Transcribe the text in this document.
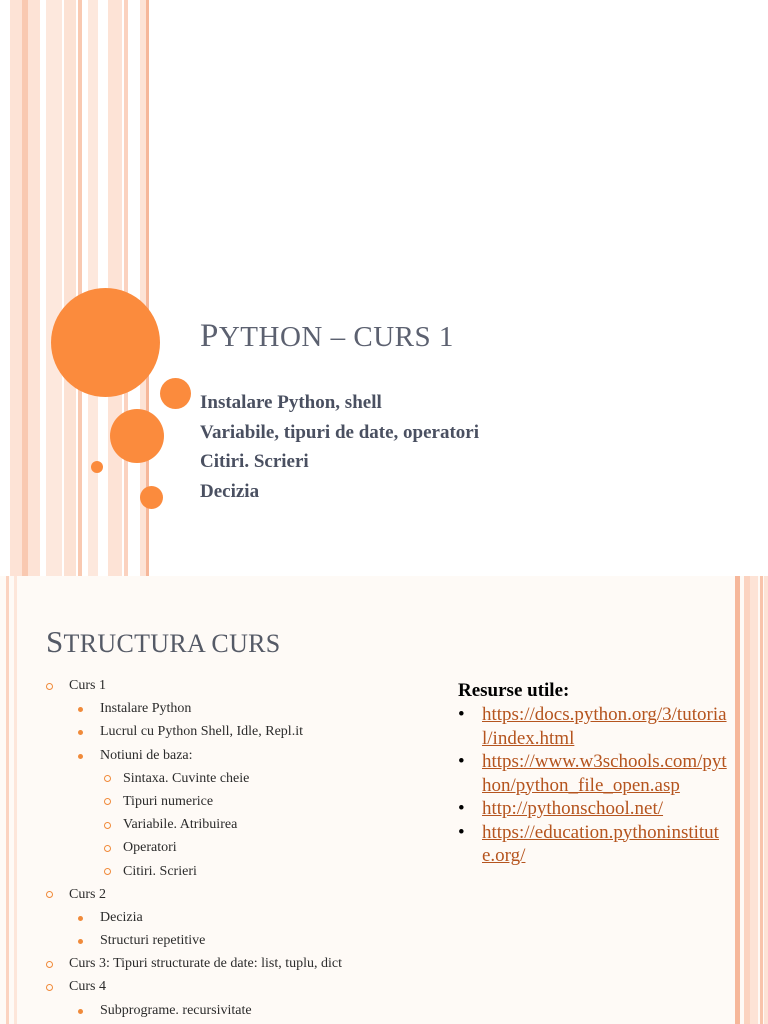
PYTHON – CURS 1
Instalare Python, shell
Variabile, tipuri de date, operatori
Citiri. Scrieri
Decizia
STRUCTURA CURS
Curs 1
Instalare Python
Lucrul cu Python Shell, Idle, Repl.it
Notiuni de baza:
Sintaxa. Cuvinte cheie
Tipuri numerice
Variabile. Atribuirea
Operatori
Citiri. Scrieri
Curs 2
Decizia
Structuri repetitive
Curs 3: Tipuri structurate de date: list, tuplu, dict
Curs 4
Subprograme. recursivitate
Resurse utile:
• https://docs.python.org/3/tutorial/index.html
• https://www.w3schools.com/python/python_file_open.asp
• http://pythonschool.net/
• https://education.pythoninstitute.org/
